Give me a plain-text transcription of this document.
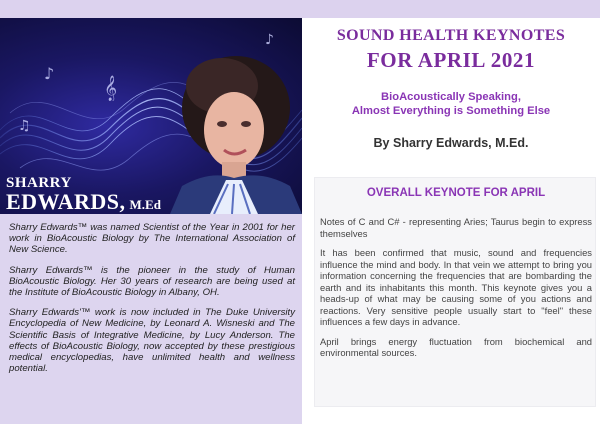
♪
𝄞
♫
♪
SHARRY
EDWARDS, M.Ed

Sharry Edwards™ was named Scientist of the Year in 2001 for her work in BioAcoustic Biology by The International Association of New Science.

Sharry Edwards™ is the pioneer in the study of Human BioAcoustic Biology. Her 30 years of research are being used at the Institute of BioAcoustic Biology in Albany, OH.

Sharry Edwards'™ work is now included in The Duke University Encyclopedia of New Medicine, by Leonard A. Wisneski and The Scientific Basis of Integrative Medicine, by Lucy Anderson. The effects of BioAcoustic Biology, now accepted by these prestigious medical encyclopedias, have unlimited health and wellness potential.

SOUND HEALTH KEYNOTES
FOR APRIL 2021
BioAcoustically Speaking,
Almost Everything is Something Else
By Sharry Edwards, M.Ed.
OVERALL KEYNOTE FOR APRIL

Notes of C and C# - representing Aries; Taurus begin to express themselves

It has been confirmed that music, sound and frequencies influence the mind and body. In that vein we attempt to bring you information concerning the frequencies that are bombarding the earth and its inhabitants this month. This keynote gives you a heads-up of what may be causing some of you actions and reactions. Very sensitive people usually start to "feel" these influences a few days in advance.

April brings energy fluctuation from biochemical and environmental sources.
